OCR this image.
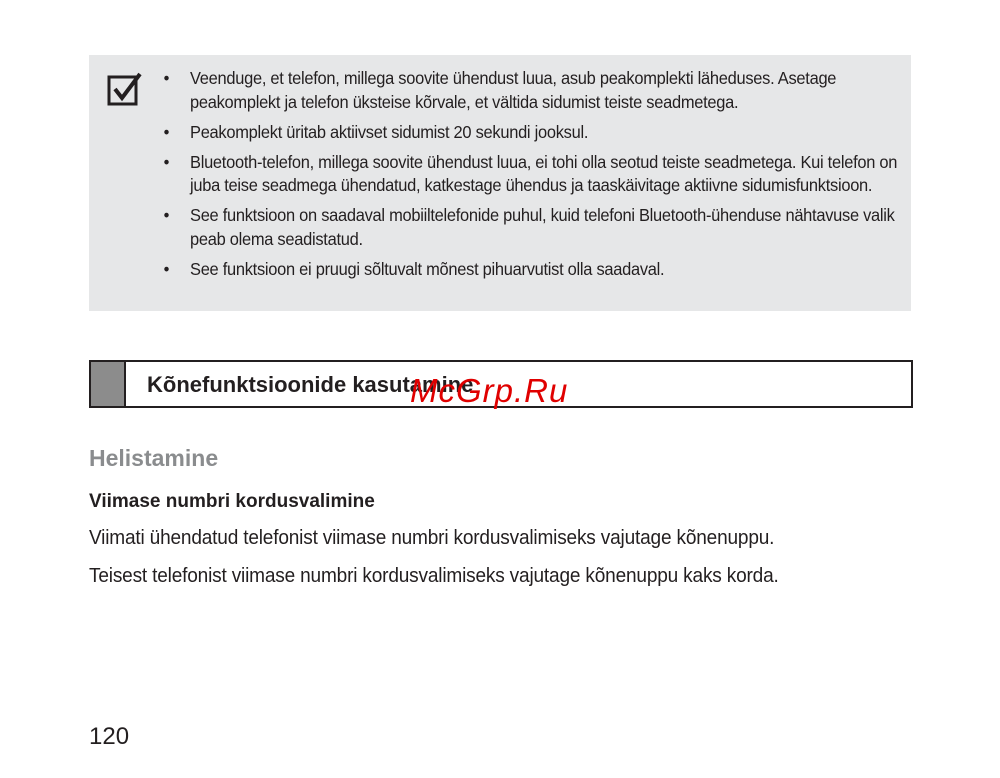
• Veenduge, et telefon, millega soovite ühendust luua, asub peakomplekti läheduses. Asetage peakomplekt ja telefon üksteise kõrvale, et vältida sidumist teiste seadmetega.
• Peakomplekt üritab aktiivset sidumist 20 sekundi jooksul.
• Bluetooth-telefon, millega soovite ühendust luua, ei tohi olla seotud teiste seadmetega. Kui telefon on juba teise seadmega ühendatud, katkestage ühendus ja taaskäivitage aktiivne sidumisfunktsioon.
• See funktsioon on saadaval mobiiltelefonide puhul, kuid telefoni Bluetooth-ühenduse nähtavuse valik peab olema seadistatud.
• See funktsioon ei pruugi sõltuvalt mõnest pihuarvutist olla saadaval.
Kõnefunktsioonide kasutamine
McGrp.Ru
Helistamine
Viimase numbri kordusvalimine
Viimati ühendatud telefonist viimase numbri kordusvalimiseks vajutage kõnenuppu.
Teisest telefonist viimase numbri kordusvalimiseks vajutage kõnenuppu kaks korda.
120
